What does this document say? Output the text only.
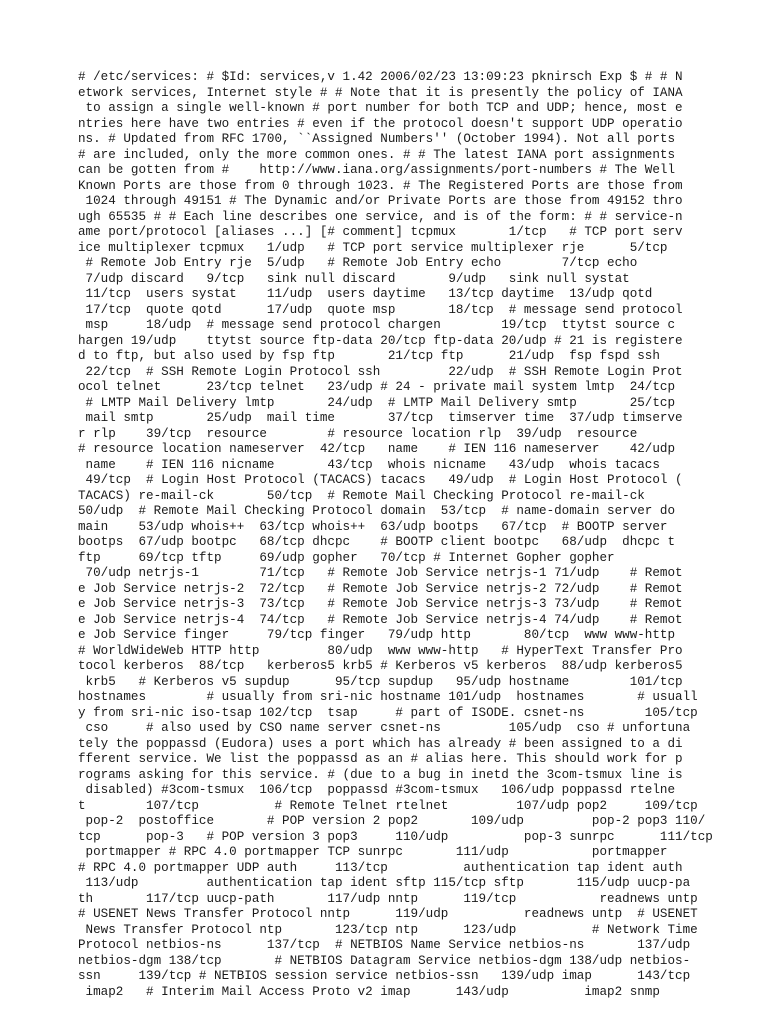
# /etc/services: # $Id: services,v 1.42 2006/02/23 13:09:23 pknirsch Exp $ # # N
etwork services, Internet style # # Note that it is presently the policy of IANA
to assign a single well-known # port number for both TCP and UDP; hence, most e
ntries here have two entries # even if the protocol doesn't support UDP operatio
ns. # Updated from RFC 1700, ``Assigned Numbers'' (October 1994). Not all ports
# are included, only the more common ones. # # The latest IANA port assignments
can be gotten from #    http://www.iana.org/assignments/port-numbers # The Well
Known Ports are those from 0 through 1023. # The Registered Ports are those from
1024 through 49151 # The Dynamic and/or Private Ports are those from 49152 thro
ugh 65535 # # Each line describes one service, and is of the form: # # service-n
ame port/protocol [aliases ...] [# comment] tcpmux       1/tcp   # TCP port serv
ice multiplexer tcpmux   1/udp   # TCP port service multiplexer rje      5/tcp
# Remote Job Entry rje  5/udp   # Remote Job Entry echo        7/tcp echo
7/udp discard   9/tcp   sink null discard       9/udp   sink null systat
11/tcp  users systat    11/udp  users daytime   13/tcp daytime  13/udp qotd
17/tcp  quote qotd      17/udp  quote msp       18/tcp  # message send protocol
msp     18/udp  # message send protocol chargen        19/tcp  ttytst source c
hargen 19/udp    ttytst source ftp-data 20/tcp ftp-data 20/udp # 21 is registere
d to ftp, but also used by fsp ftp       21/tcp ftp      21/udp  fsp fspd ssh
22/tcp  # SSH Remote Login Protocol ssh         22/udp  # SSH Remote Login Prot
ocol telnet      23/tcp telnet   23/udp # 24 - private mail system lmtp  24/tcp
# LMTP Mail Delivery lmtp       24/udp  # LMTP Mail Delivery smtp       25/tcp
mail smtp       25/udp  mail time       37/tcp  timserver time  37/udp timserve
r rlp    39/tcp  resource        # resource location rlp  39/udp  resource
# resource location nameserver  42/tcp   name    # IEN 116 nameserver    42/udp
name    # IEN 116 nicname       43/tcp  whois nicname   43/udp  whois tacacs
49/tcp  # Login Host Protocol (TACACS) tacacs   49/udp  # Login Host Protocol (
TACACS) re-mail-ck       50/tcp  # Remote Mail Checking Protocol re-mail-ck
50/udp  # Remote Mail Checking Protocol domain  53/tcp  # name-domain server do
main    53/udp whois++  63/tcp whois++  63/udp bootps   67/tcp  # BOOTP server
bootps  67/udp bootpc   68/tcp dhcpc    # BOOTP client bootpc   68/udp  dhcpc t
ftp     69/tcp tftp     69/udp gopher   70/tcp # Internet Gopher gopher
70/udp netrjs-1        71/tcp   # Remote Job Service netrjs-1 71/udp    # Remot
e Job Service netrjs-2  72/tcp   # Remote Job Service netrjs-2 72/udp    # Remot
e Job Service netrjs-3  73/tcp   # Remote Job Service netrjs-3 73/udp    # Remot
e Job Service netrjs-4  74/tcp   # Remote Job Service netrjs-4 74/udp    # Remot
e Job Service finger     79/tcp finger   79/udp http       80/tcp  www www-http
# WorldWideWeb HTTP http         80/udp  www www-http   # HyperText Transfer Pro
tocol kerberos  88/tcp   kerberos5 krb5 # Kerberos v5 kerberos  88/udp kerberos5
krb5   # Kerberos v5 supdup      95/tcp supdup   95/udp hostname        101/tcp
hostnames        # usually from sri-nic hostname 101/udp  hostnames       # usuall
y from sri-nic iso-tsap 102/tcp  tsap     # part of ISODE. csnet-ns        105/tcp
cso     # also used by CSO name server csnet-ns         105/udp  cso # unfortuna
tely the poppassd (Eudora) uses a port which has already # been assigned to a di
fferent service. We list the poppassd as an # alias here. This should work for p
rograms asking for this service. # (due to a bug in inetd the 3com-tsmux line is
disabled) #3com-tsmux  106/tcp  poppassd #3com-tsmux   106/udp poppassd rtelne
t        107/tcp          # Remote Telnet rtelnet         107/udp pop2     109/tcp
pop-2  postoffice       # POP version 2 pop2       109/udp         pop-2 pop3 110/
tcp      pop-3   # POP version 3 pop3     110/udp          pop-3 sunrpc      111/tcp
portmapper # RPC 4.0 portmapper TCP sunrpc       111/udp           portmapper
# RPC 4.0 portmapper UDP auth     113/tcp          authentication tap ident auth
113/udp         authentication tap ident sftp 115/tcp sftp       115/udp uucp-pa
th       117/tcp uucp-path       117/udp nntp      119/tcp           readnews untp
# USENET News Transfer Protocol nntp      119/udp          readnews untp  # USENET
News Transfer Protocol ntp       123/tcp ntp      123/udp          # Network Time
Protocol netbios-ns      137/tcp  # NETBIOS Name Service netbios-ns       137/udp
netbios-dgm 138/tcp       # NETBIOS Datagram Service netbios-dgm 138/udp netbios-
ssn     139/tcp # NETBIOS session service netbios-ssn   139/udp imap      143/tcp
imap2   # Interim Mail Access Proto v2 imap      143/udp          imap2 snmp
